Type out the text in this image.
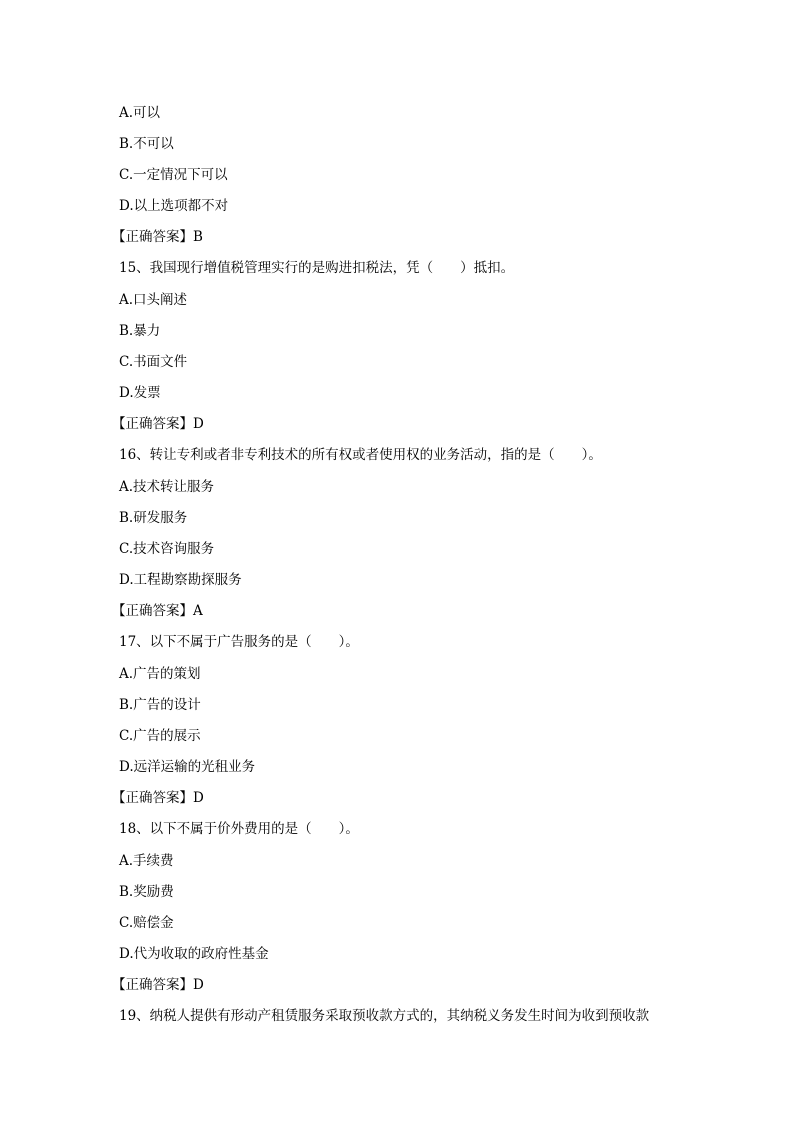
A.可以
B.不可以
C.一定情况下可以
D.以上选项都不对
【正确答案】B
15、我国现行增值税管理实行的是购进扣税法，凭（　　）抵扣。
A.口头阐述
B.暴力
C.书面文件
D.发票
【正确答案】D
16、转让专利或者非专利技术的所有权或者使用权的业务活动，指的是（　　）。
A.技术转让服务
B.研发服务
C.技术咨询服务
D.工程勘察勘探服务
【正确答案】A
17、以下不属于广告服务的是（　　）。
A.广告的策划
B.广告的设计
C.广告的展示
D.远洋运输的光租业务
【正确答案】D
18、以下不属于价外费用的是（　　）。
A.手续费
B.奖励费
C.赔偿金
D.代为收取的政府性基金
【正确答案】D
19、纳税人提供有形动产租赁服务采取预收款方式的，其纳税义务发生时间为收到预收款
